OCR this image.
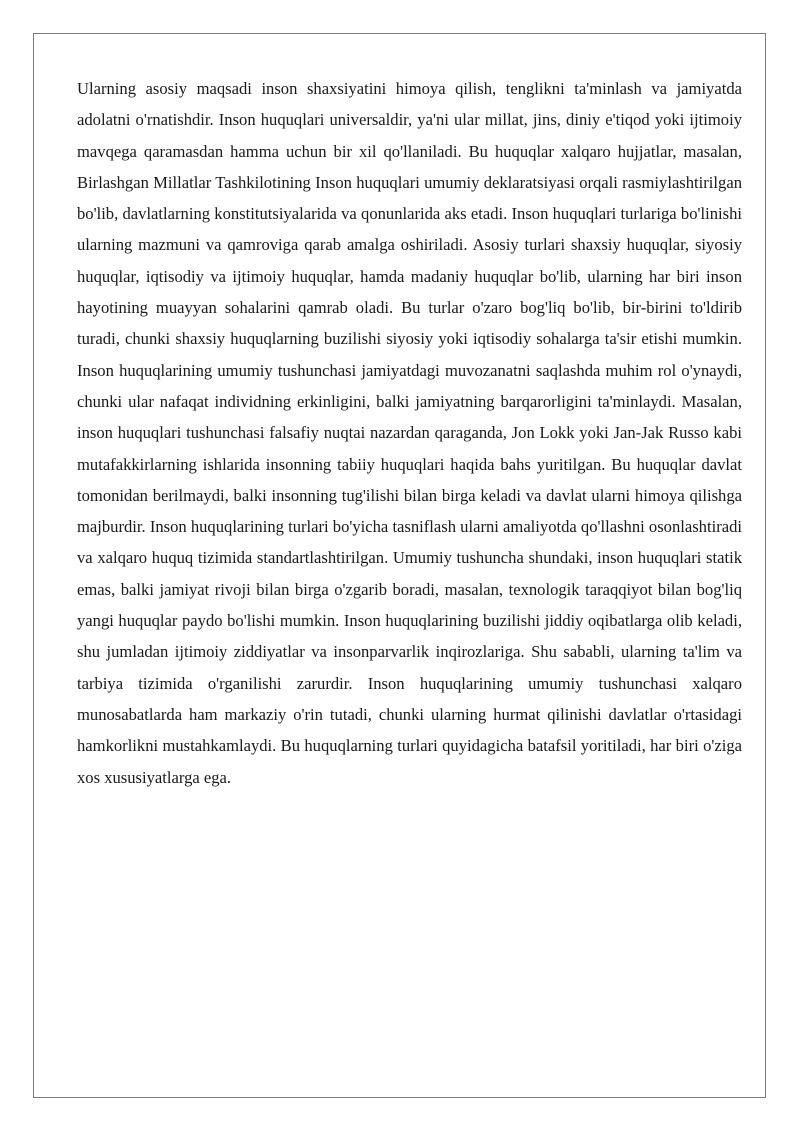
Ularning asosiy maqsadi inson shaxsiyatini himoya qilish, tenglikni ta'minlash va jamiyatda adolatni o'rnatishdir. Inson huquqlari universaldir, ya'ni ular millat, jins, diniy e'tiqod yoki ijtimoiy mavqega qaramasdan hamma uchun bir xil qo'llaniladi. Bu huquqlar xalqaro hujjatlar, masalan, Birlashgan Millatlar Tashkilotining Inson huquqlari umumiy deklaratsiyasi orqali rasmiylashtirilgan bo'lib, davlatlarning konstitutsiyalarida va qonunlarida aks etadi. Inson huquqlari turlariga bo'linishi ularning mazmuni va qamroviga qarab amalga oshiriladi. Asosiy turlari shaxsiy huquqlar, siyosiy huquqlar, iqtisodiy va ijtimoiy huquqlar, hamda madaniy huquqlar bo'lib, ularning har biri inson hayotining muayyan sohalarini qamrab oladi. Bu turlar o'zaro bog'liq bo'lib, bir-birini to'ldirib turadi, chunki shaxsiy huquqlarning buzilishi siyosiy yoki iqtisodiy sohalarga ta'sir etishi mumkin. Inson huquqlarining umumiy tushunchasi jamiyatdagi muvozanatni saqlashda muhim rol o'ynaydi, chunki ular nafaqat individning erkinligini, balki jamiyatning barqarorligini ta'minlaydi. Masalan, inson huquqlari tushunchasi falsafiy nuqtai nazardan qaraganda, Jon Lokk yoki Jan-Jak Russo kabi mutafakkirlarning ishlarida insonning tabiiy huquqlari haqida bahs yuritilgan. Bu huquqlar davlat tomonidan berilmaydi, balki insonning tug'ilishi bilan birga keladi va davlat ularni himoya qilishga majburdir. Inson huquqlarining turlari bo'yicha tasniflash ularni amaliyotda qo'llashni osonlashtiradi va xalqaro huquq tizimida standartlashtirilgan. Umumiy tushuncha shundaki, inson huquqlari statik emas, balki jamiyat rivoji bilan birga o'zgarib boradi, masalan, texnologik taraqqiyot bilan bog'liq yangi huquqlar paydo bo'lishi mumkin. Inson huquqlarining buzilishi jiddiy oqibatlarga olib keladi, shu jumladan ijtimoiy ziddiyatlar va insonparvarlik inqirozlariga. Shu sababli, ularning ta'lim va tarbiya tizimida o'rganilishi zarurdir. Inson huquqlarining umumiy tushunchasi xalqaro munosabatlarda ham markaziy o'rin tutadi, chunki ularning hurmat qilinishi davlatlar o'rtasidagi hamkorlikni mustahkamlaydi. Bu huquqlarning turlari quyidagicha batafsil yoritiladi, har biri o'ziga xos xususiyatlarga ega.
